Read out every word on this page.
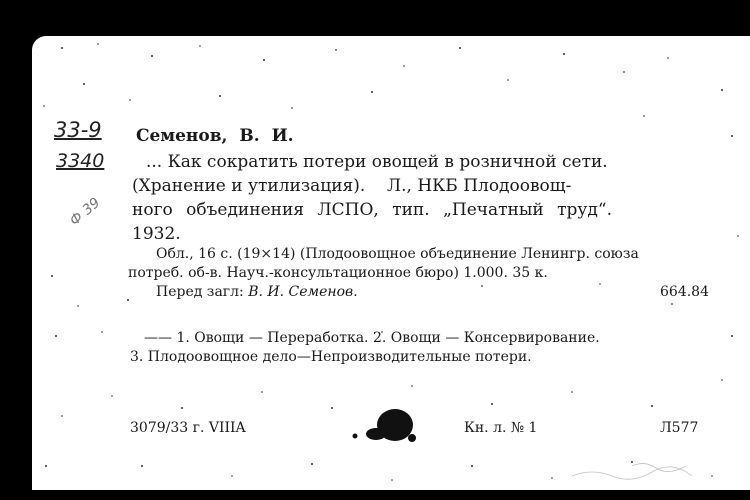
33-9
3340
Ф 39
Семенов, В. И.
... Как сократить потери овощей в розничной сети.
(Хранение и утилизация).    Л., НКБ Плодоовощ-
ного объединения ЛСПО, тип. „Печатный труд“.
1932.
Обл., 16 с. (19×14) (Плодоовощное объединение Ленингр. союза
потреб. об-в. Науч.-консультационное бюро) 1.000. 35 к.
Перед загл: В. И. Семенов.	664.84
—— 1. Овощи — Переработка. 2. Овощи — Консервирование.
3. Плодоовощное дело—Непроизводительные потери.
3079/33 г. VIIIA	Кн. л. № 1	Л577
